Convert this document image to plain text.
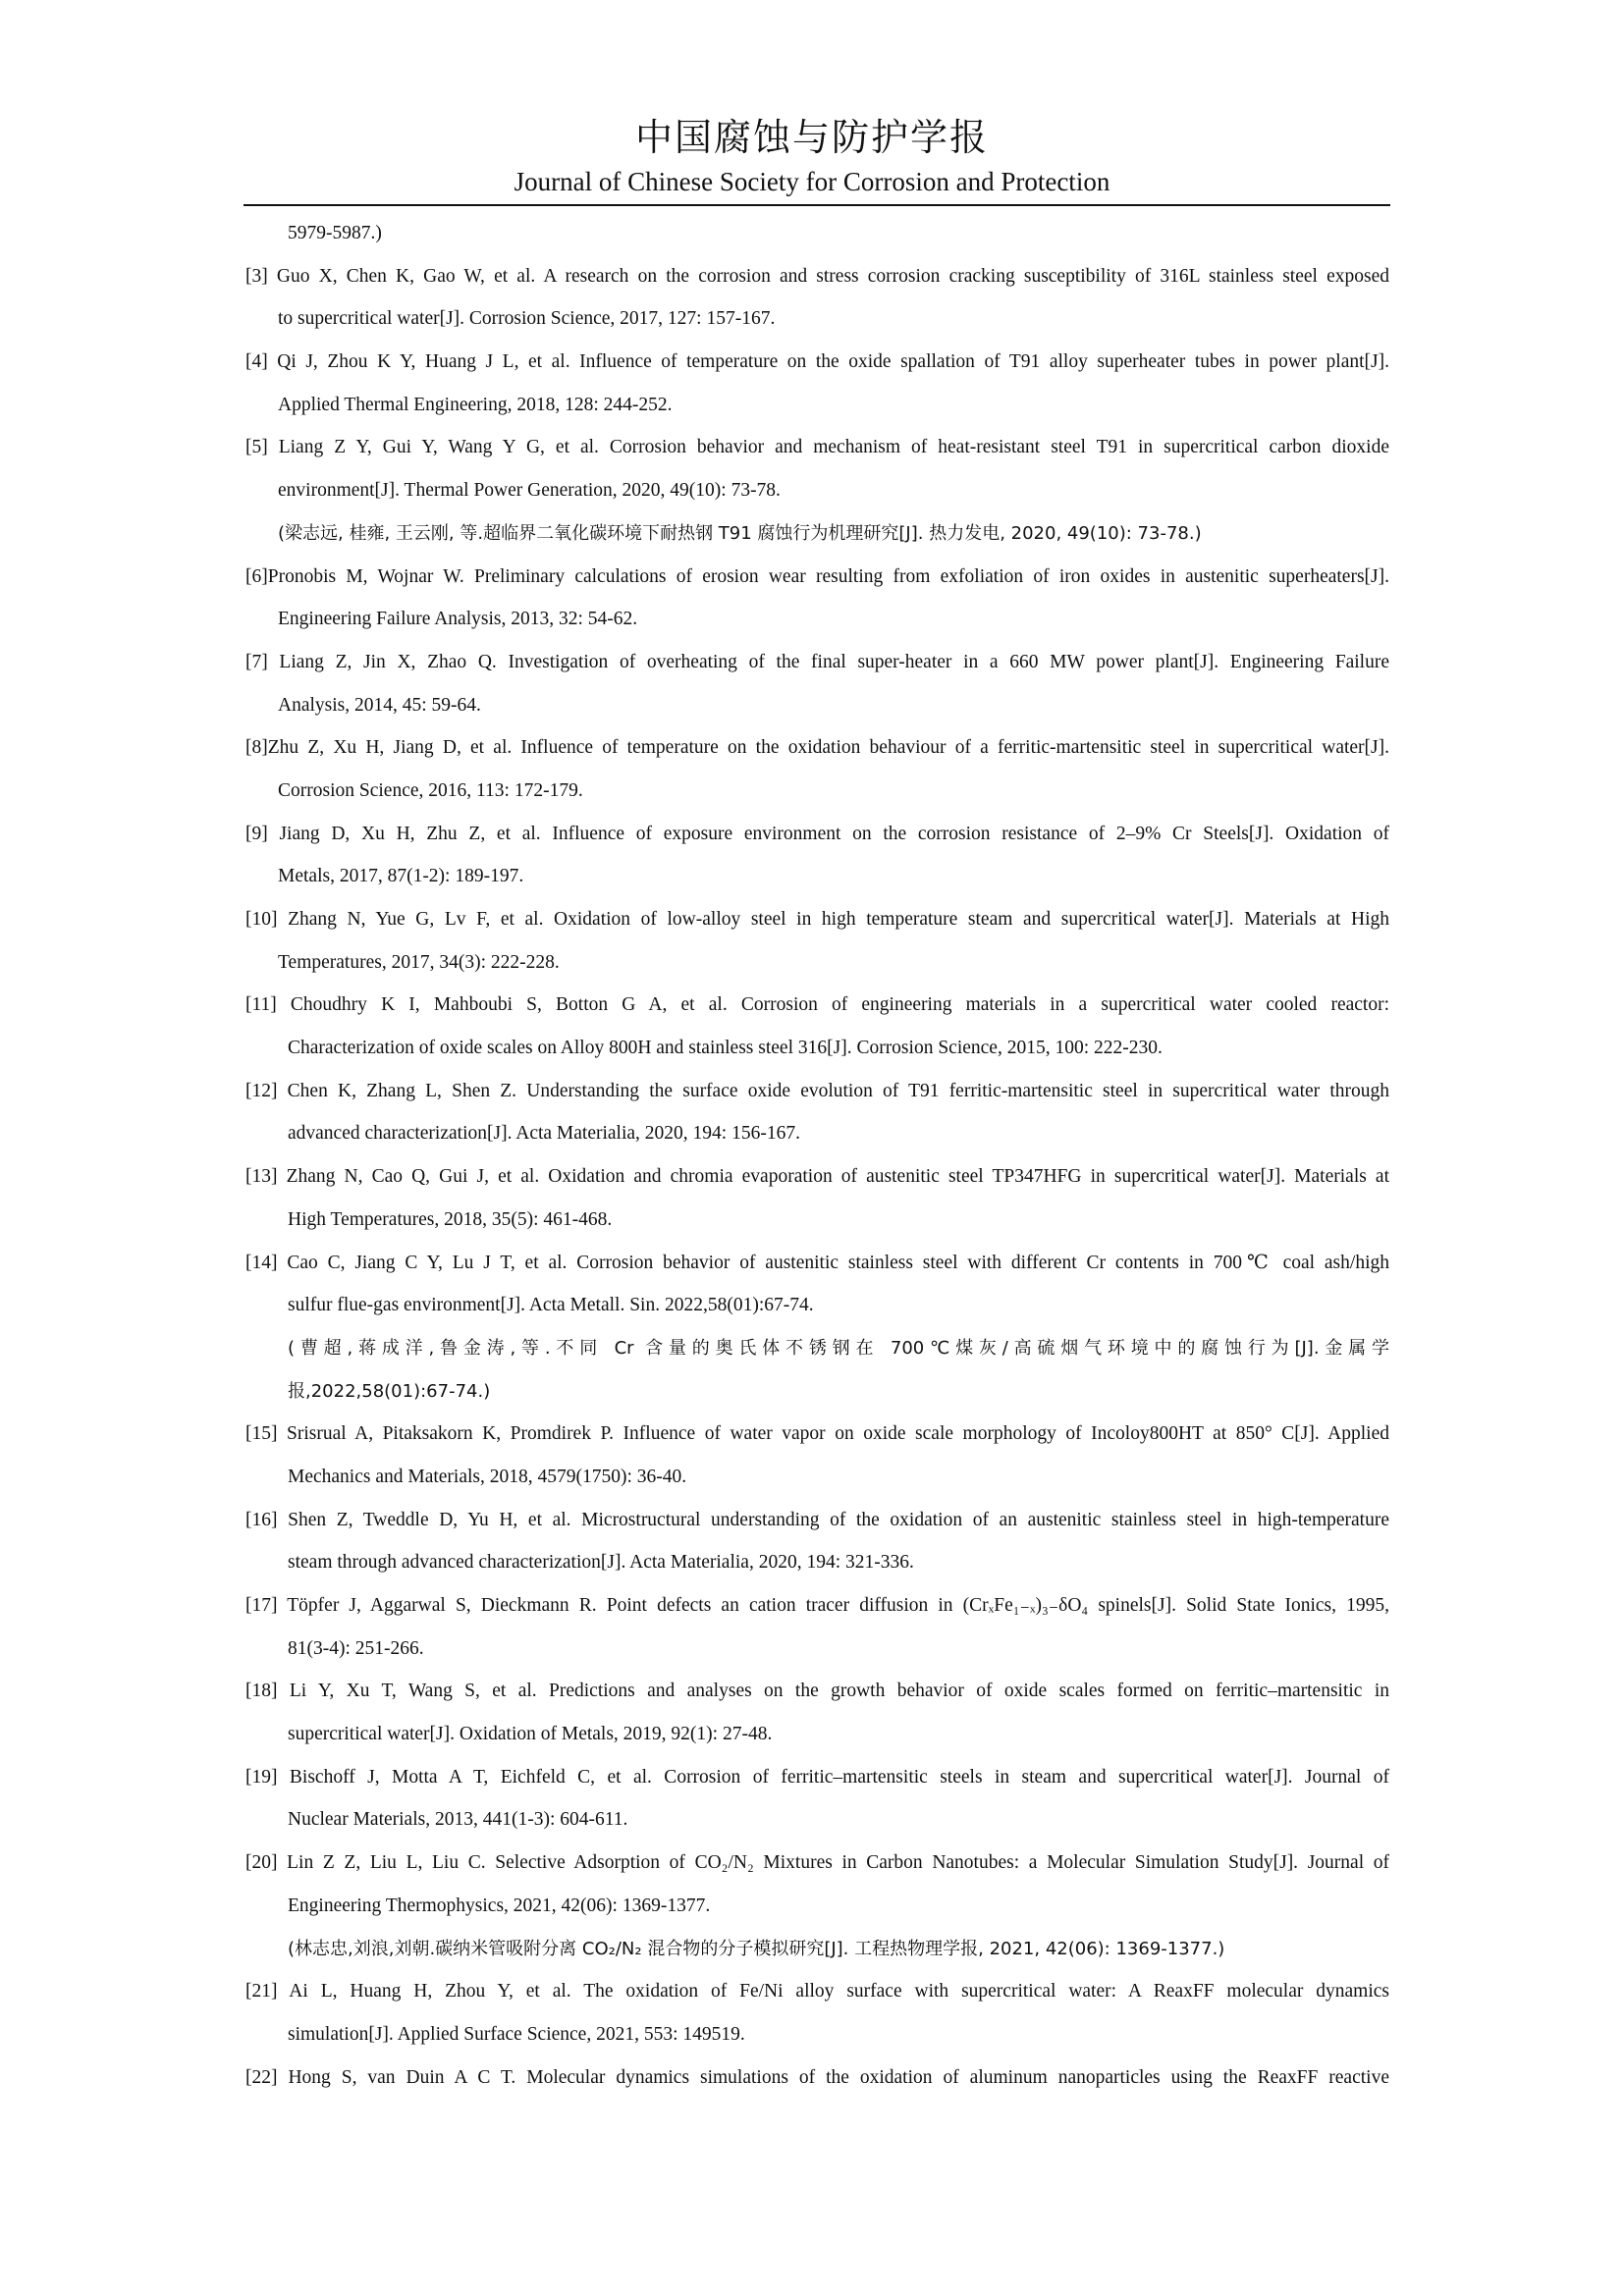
中国腐蚀与防护学报
Journal of Chinese Society for Corrosion and Protection
5979-5987.)
[3] Guo X, Chen K, Gao W, et al. A research on the corrosion and stress corrosion cracking susceptibility of 316L stainless steel exposed
to supercritical water[J]. Corrosion Science, 2017, 127: 157-167.
[4] Qi J, Zhou K Y, Huang J L, et al. Influence of temperature on the oxide spallation of T91 alloy superheater tubes in power plant[J].
Applied Thermal Engineering, 2018, 128: 244-252.
[5] Liang Z Y, Gui Y, Wang Y G, et al. Corrosion behavior and mechanism of heat-resistant steel T91 in supercritical carbon dioxide
environment[J]. Thermal Power Generation, 2020, 49(10): 73-78.
(梁志远, 桂雍, 王云刚, 等.超临界二氧化碳环境下耐热钢 T91 腐蚀行为机理研究[J]. 热力发电, 2020, 49(10): 73-78.)
[6]Pronobis M, Wojnar W. Preliminary calculations of erosion wear resulting from exfoliation of iron oxides in austenitic superheaters[J].
Engineering Failure Analysis, 2013, 32: 54-62.
[7] Liang Z, Jin X, Zhao Q. Investigation of overheating of the final super-heater in a 660 MW power plant[J]. Engineering Failure
Analysis, 2014, 45: 59-64.
[8]Zhu Z, Xu H, Jiang D, et al. Influence of temperature on the oxidation behaviour of a ferritic-martensitic steel in supercritical water[J].
Corrosion Science, 2016, 113: 172-179.
[9] Jiang D, Xu H, Zhu Z, et al. Influence of exposure environment on the corrosion resistance of 2–9% Cr Steels[J]. Oxidation of
Metals, 2017, 87(1-2): 189-197.
[10] Zhang N, Yue G, Lv F, et al. Oxidation of low-alloy steel in high temperature steam and supercritical water[J]. Materials at High
Temperatures, 2017, 34(3): 222-228.
[11] Choudhry K I, Mahboubi S, Botton G A, et al. Corrosion of engineering materials in a supercritical water cooled reactor:
Characterization of oxide scales on Alloy 800H and stainless steel 316[J]. Corrosion Science, 2015, 100: 222-230.
[12] Chen K, Zhang L, Shen Z. Understanding the surface oxide evolution of T91 ferritic-martensitic steel in supercritical water through
advanced characterization[J]. Acta Materialia, 2020, 194: 156-167.
[13] Zhang N, Cao Q, Gui J, et al. Oxidation and chromia evaporation of austenitic steel TP347HFG in supercritical water[J]. Materials at
High Temperatures, 2018, 35(5): 461-468.
[14] Cao C, Jiang C Y, Lu J T, et al. Corrosion behavior of austenitic stainless steel with different Cr contents in 700℃ coal ash/high
sulfur flue-gas environment[J]. Acta Metall. Sin. 2022,58(01):67-74.
(曹超,蒋成洋,鲁金涛,等.不同 Cr 含量的奥氏体不锈钢在 700℃煤灰/高硫烟气环境中的腐蚀行为[J].金属学
报,2022,58(01):67-74.)
[15] Srisrual A, Pitaksakorn K, Promdirek P. Influence of water vapor on oxide scale morphology of Incoloy800HT at 850° C[J]. Applied
Mechanics and Materials, 2018, 4579(1750): 36-40.
[16] Shen Z, Tweddle D, Yu H, et al. Microstructural understanding of the oxidation of an austenitic stainless steel in high-temperature
steam through advanced characterization[J]. Acta Materialia, 2020, 194: 321-336.
[17] Töpfer J, Aggarwal S, Dieckmann R. Point defects an cation tracer diffusion in (CrₓFe₁₋ₓ)₃₋δO₄ spinels[J]. Solid State Ionics, 1995,
81(3-4): 251-266.
[18] Li Y, Xu T, Wang S, et al. Predictions and analyses on the growth behavior of oxide scales formed on ferritic–martensitic in
supercritical water[J]. Oxidation of Metals, 2019, 92(1): 27-48.
[19] Bischoff J, Motta A T, Eichfeld C, et al. Corrosion of ferritic–martensitic steels in steam and supercritical water[J]. Journal of
Nuclear Materials, 2013, 441(1-3): 604-611.
[20] Lin Z Z, Liu L, Liu C. Selective Adsorption of CO₂/N₂ Mixtures in Carbon Nanotubes: a Molecular Simulation Study[J]. Journal of
Engineering Thermophysics, 2021, 42(06): 1369-1377.
(林志忠,刘浪,刘朝.碳纳米管吸附分离 CO₂/N₂ 混合物的分子模拟研究[J]. 工程热物理学报, 2021, 42(06): 1369-1377.)
[21] Ai L, Huang H, Zhou Y, et al. The oxidation of Fe/Ni alloy surface with supercritical water: A ReaxFF molecular dynamics
simulation[J]. Applied Surface Science, 2021, 553: 149519.
[22] Hong S, van Duin A C T. Molecular dynamics simulations of the oxidation of aluminum nanoparticles using the ReaxFF reactive
